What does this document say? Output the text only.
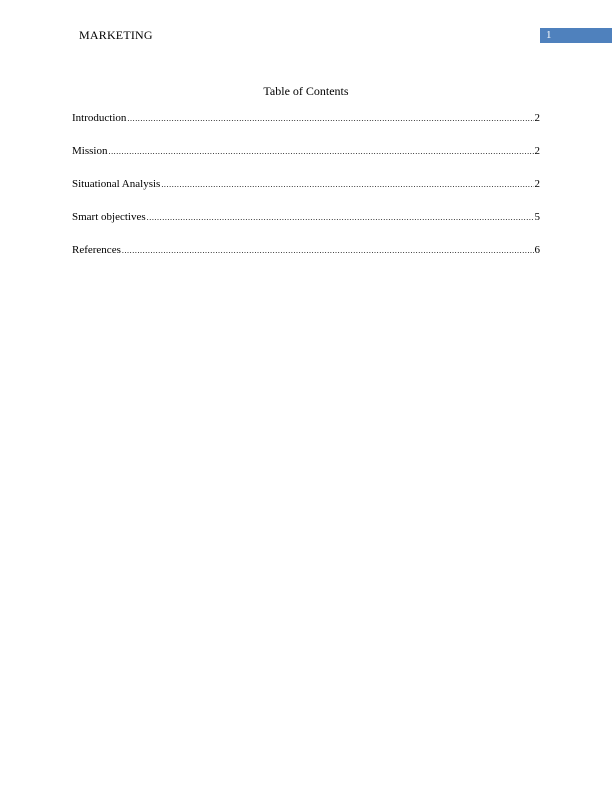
MARKETING	1
Table of Contents
Introduction .....	2
Mission .....	2
Situational Analysis .....	2
Smart objectives .....	5
References .....	6
